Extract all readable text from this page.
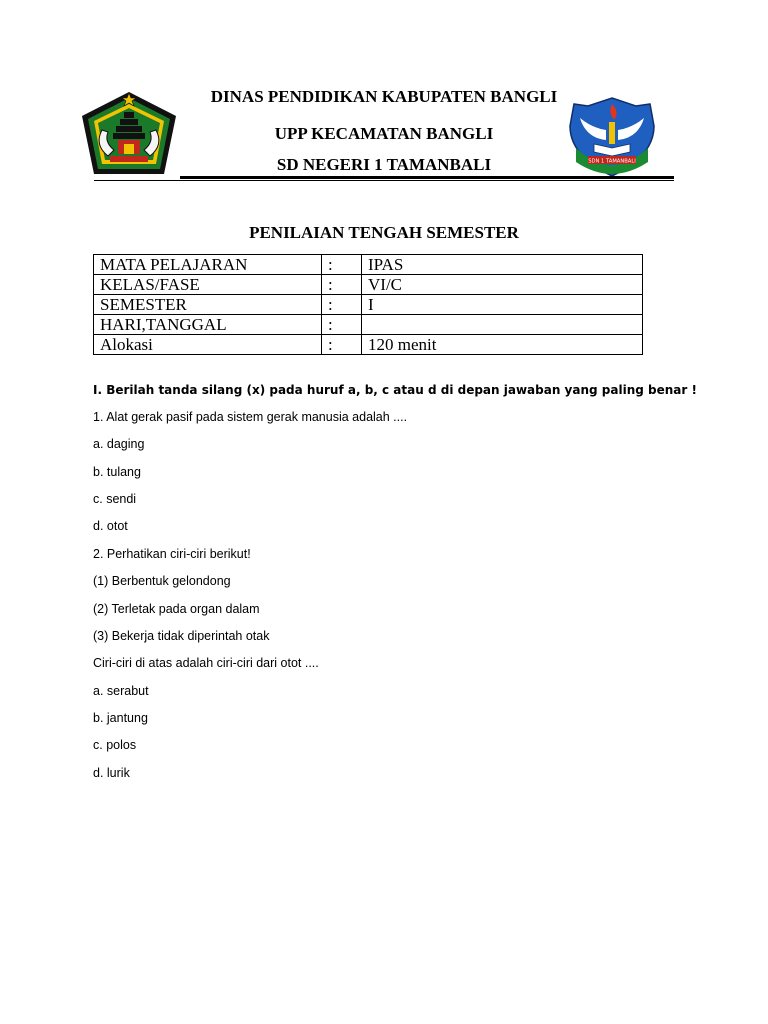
SDN 1 TAMANBALI
DINAS PENDIDIKAN KABUPATEN BANGLI
UPP KECAMATAN BANGLI
SD NEGERI 1 TAMANBALI
PENILAIAN TENGAH SEMESTER
MATA PELAJARAN	:	IPAS
KELAS/FASE	:	VI/C
SEMESTER	:	I
HARI,TANGGAL	:	
Alokasi	:	120 menit
I. Berilah tanda silang (x) pada huruf a, b, c atau d di depan jawaban yang paling benar !
1. Alat gerak pasif pada sistem gerak manusia adalah ....
a. daging
b. tulang
c. sendi
d. otot
2. Perhatikan ciri-ciri berikut!
(1) Berbentuk gelondong
(2) Terletak pada organ dalam
(3) Bekerja tidak diperintah otak
Ciri-ciri di atas adalah ciri-ciri dari otot ....
a. serabut
b. jantung
c. polos
d. lurik
